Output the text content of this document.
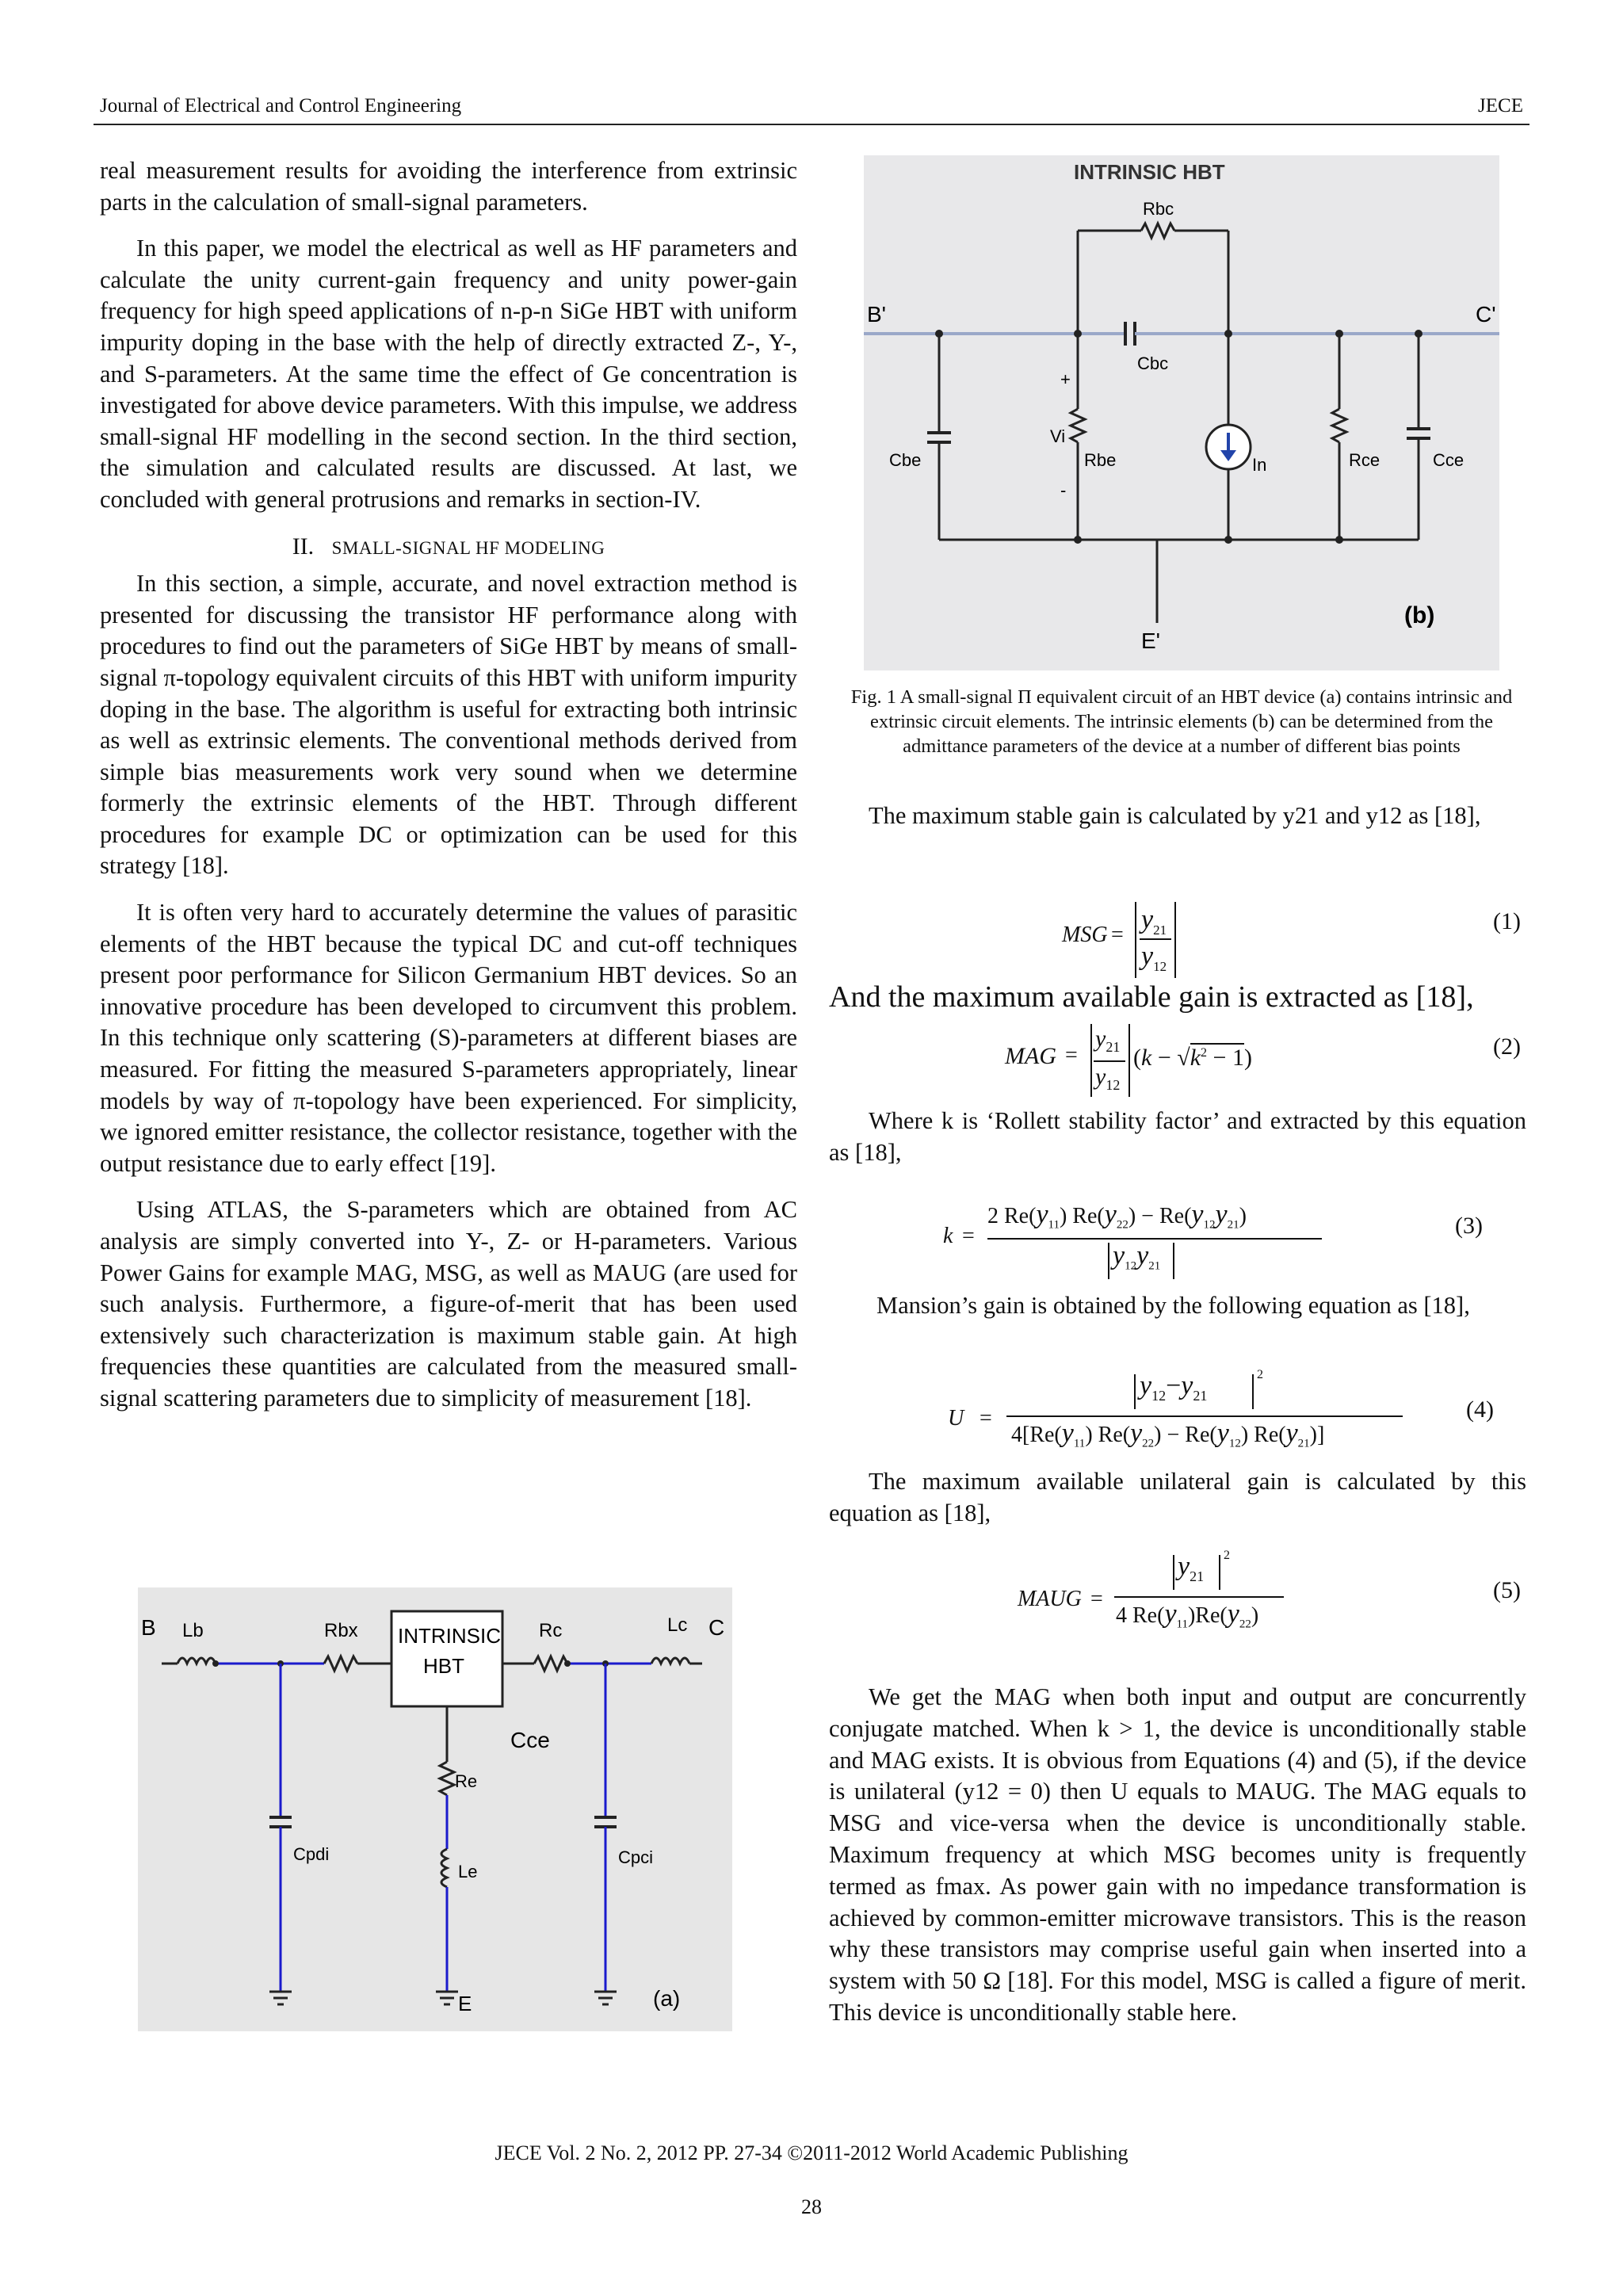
Journal of Electrical and Control Engineering	JECE

real measurement results for avoiding the interference from extrinsic parts in the calculation of small-signal parameters.

In this paper, we model the electrical as well as HF parameters and calculate the unity current-gain frequency and unity power-gain frequency for high speed applications of n-p-n SiGe HBT with uniform impurity doping in the base with the help of directly extracted Z-, Y-, and S-parameters. At the same time the effect of Ge concentration is investigated for above device parameters. With this impulse, we address small-signal HF modelling in the second section. In the third section, the simulation and calculated results are discussed. At last, we concluded with general protrusions and remarks in section-IV.

II. SMALL-SIGNAL HF MODELING

In this section, a simple, accurate, and novel extraction method is presented for discussing the transistor HF performance along with procedures to find out the parameters of SiGe HBT by means of small-signal π-topology equivalent circuits of this HBT with uniform impurity doping in the base. The algorithm is useful for extracting both intrinsic as well as extrinsic elements. The conventional methods derived from simple bias measurements work very sound when we determine formerly the extrinsic elements of the HBT. Through different procedures for example DC or optimization can be used for this strategy [18].

It is often very hard to accurately determine the values of parasitic elements of the HBT because the typical DC and cut-off techniques present poor performance for Silicon Germanium HBT devices. So an innovative procedure has been developed to circumvent this problem. In this technique only scattering (S)-parameters at different biases are measured. For fitting the measured S-parameters appropriately, linear models by way of π-topology have been experienced. For simplicity, we ignored emitter resistance, the collector resistance, together with the output resistance due to early effect [19].

Using ATLAS, the S-parameters which are obtained from AC analysis are simply converted into Y-, Z- or H-parameters. Various Power Gains for example MAG, MSG, as well as MAUG (are used for such analysis. Furthermore, a figure-of-merit that has been used extensively such characterization is maximum stable gain. At high frequencies these quantities are calculated from the measured small-signal scattering parameters due to simplicity of measurement [18].

B Lb	Rbx INTRINSIC
HBT
Rc	Lc C
Cce
Re
Le
E
Cpdi	Cpci
(a)
INTRINSIC HBT
Rbc
Cbc
B'	C'
Cbe
Vi
Rbe	In	Rce	Cce
E'
(b)
+
-
Fig. 1 A small-signal Π equivalent circuit of an HBT device (a) contains intrinsic and extrinsic circuit elements. The intrinsic elements (b) can be determined from the admittance parameters of the device at a number of different bias points
The maximum stable gain is calculated by y21 and y12 as [18],
MSG =
$y_{21}$
$y_{12}$
(1)
And the maximum available gain is extracted as [18],
MAG =
$y_{21}$
$y_{12}$
$(k - √k^2 - 1)$	(2)
Where k is ‘Rollett stability factor’ and extracted by this equation as [18],
k =
2 $Re(y_{11}) Re(y_{22}) - Re(y_{12}y_{21})$
$y_{12}y_{21}$
(3)
Mansion’s gain is obtained by the following equation as [18],
U =
$y_{12}-y_{21}$
2
$4[Re(y_{11}) Re(y_{22}) - Re(y_{12})$ $Re(y_{21})$]
(4)
The maximum available unilateral gain is calculated by this equation as [18],
MAUG =
$y_{21}$
2
4 $Re(y_{11})Re(y_{22})$
(5)
We get the MAG when both input and output are concurrently conjugate matched. When k > 1, the device is unconditionally stable and MAG exists. It is obvious from Equations (4) and (5), if the device is unilateral (y12 = 0) then U equals to MAUG. The MAG equals to MSG and vice-versa when the device is unconditionally stable. Maximum frequency at which MSG becomes unity is frequently termed as fmax. As power gain with no impedance transformation is achieved by common-emitter microwave transistors. This is the reason why these transistors may comprise useful gain when inserted into a system with 50 Ω [18]. For this model, MSG is called a figure of merit. This device is unconditionally stable here.
JECE Vol. 2 No. 2, 2012 PP. 27-34 ©2011-2012 World Academic Publishing
28
